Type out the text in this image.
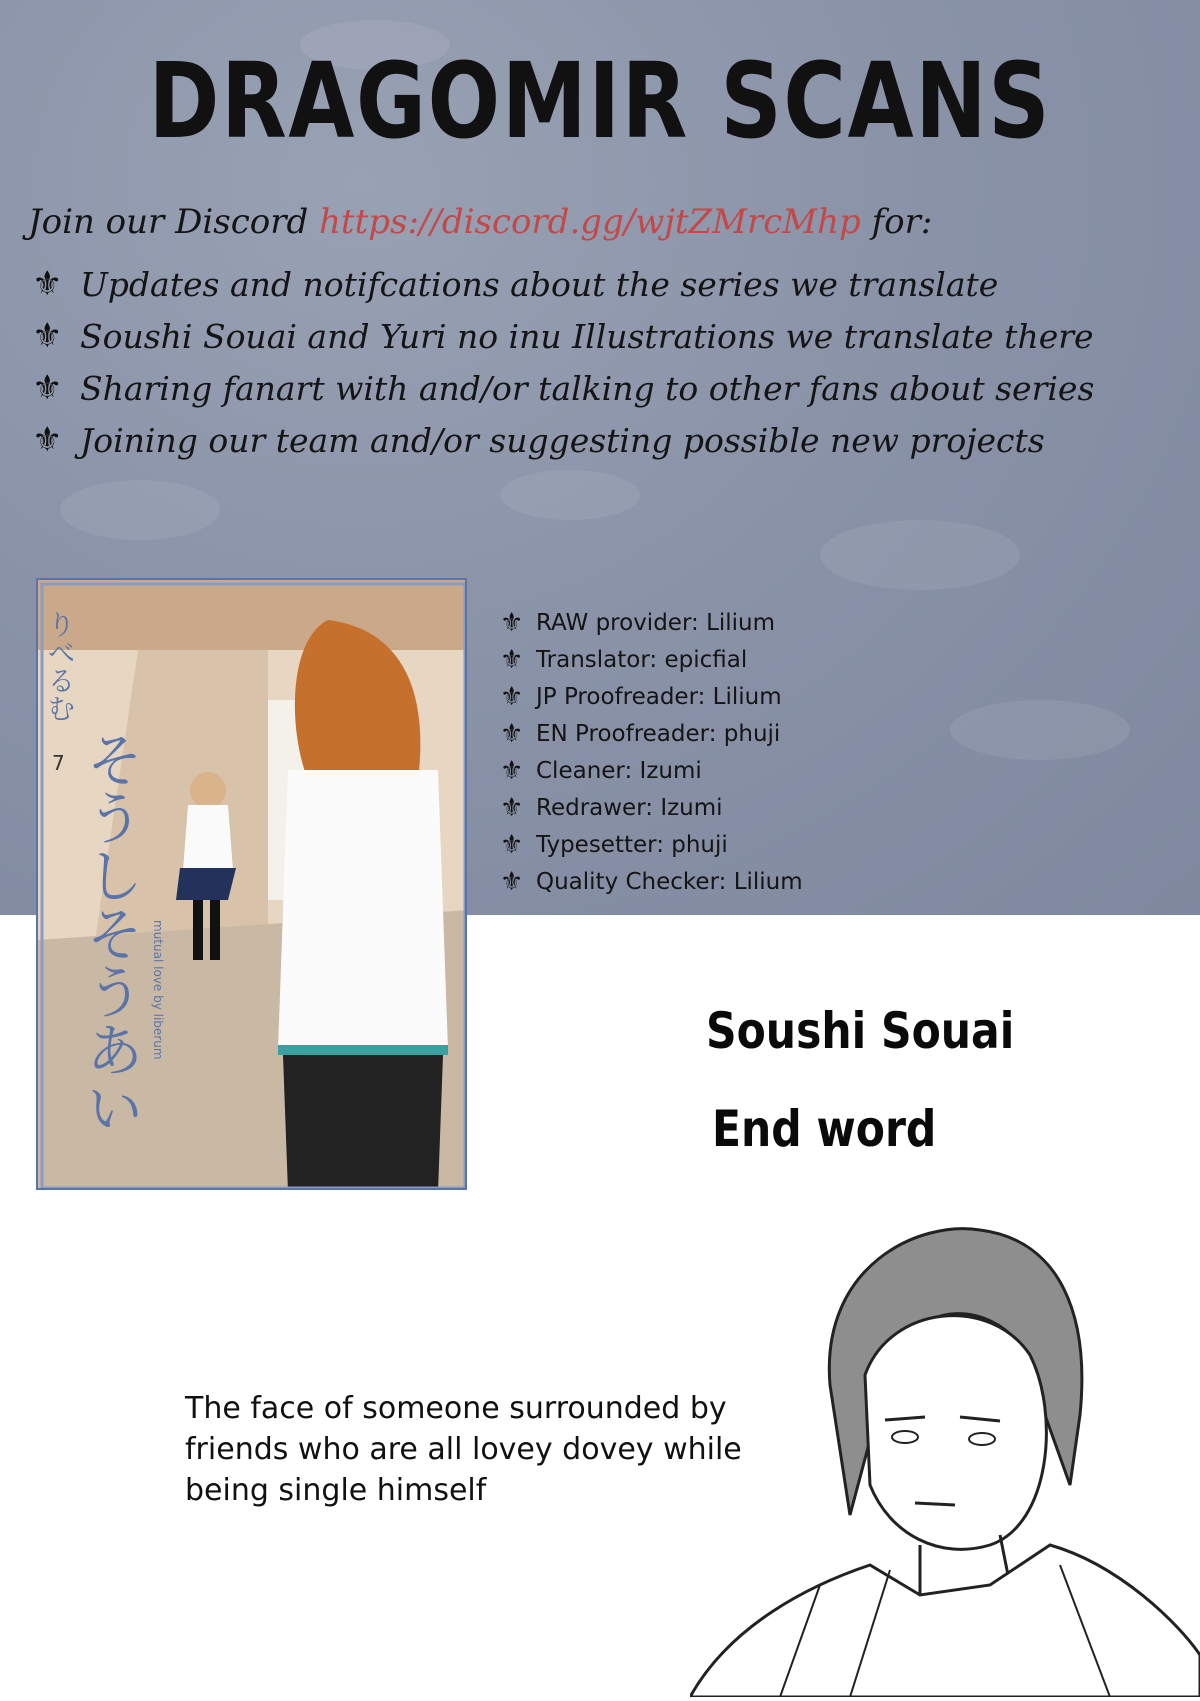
DRAGOMIR SCANS
Join our Discord https://discord.gg/wjtZMrcMhp for:
⚜ Updates and notifcations about the series we translate
⚜ Soushi Souai and Yuri no inu Illustrations we translate there
⚜ Sharing fanart with and/or talking to other fans about series
⚜ Joining our team and/or suggesting possible new projects
りべるむ
7 そうしそうあい mutual love by liberum
⚜ RAW provider: Lilium
⚜ Translator: epicfial
⚜ JP Proofreader: Lilium
⚜ EN Proofreader: phuji
⚜ Cleaner: Izumi
⚜ Redrawer: Izumi
⚜ Typesetter: phuji
⚜ Quality Checker: Lilium
Soushi Souai
End word
The face of someone surrounded by friends who are all lovey dovey while being single himself
